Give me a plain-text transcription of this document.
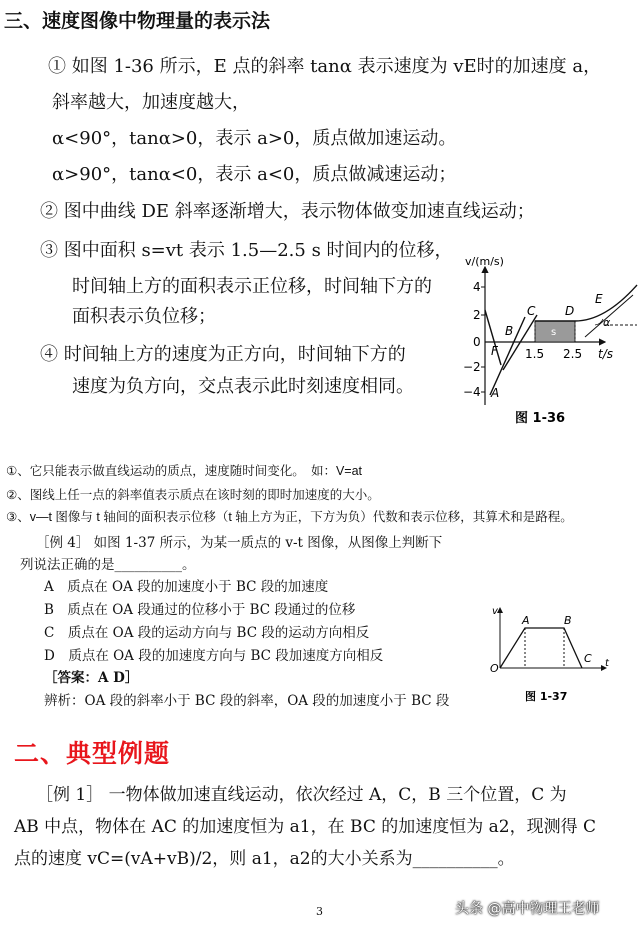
三、速度图像中物理量的表示法
① 如图 1-36 所示，E 点的斜率 tanα 表示速度为 vE时的加速度 a，
斜率越大，加速度越大，
α<90°，tanα>0，表示 a>0，质点做加速运动。
α>90°，tanα<0，表示 a<0，质点做减速运动；
② 图中曲线 DE 斜率逐渐增大，表示物体做变加速直线运动；
③ 图中面积 s=vt 表示 1.5—2.5 s 时间内的位移，
时间轴上方的面积表示正位移，时间轴下方的
面积表示负位移；
④ 时间轴上方的速度为正方向，时间轴下方的
速度为负方向，交点表示此时刻速度相同。
v/(m/s)
t/s
4
2
0
−2
−4
1.5 2.5
A
B
C D
E
F
α
s
图 1-36
①、它只能表示做直线运动的质点，速度随时间变化。　如：V=at
②、图线上任一点的斜率值表示质点在该时刻的即时加速度的大小。
③、v—t 图像与 t 轴间的面积表示位移（t 轴上方为正，下方为负）代数和表示位移，其算术和是路程。
［例 4］ 如图 1-37 所示，为某一质点的 v-t 图像，从图像上判断下
列说法正确的是__________。
A　质点在 OA 段的加速度小于 BC 段的加速度
B　质点在 OA 段通过的位移小于 BC 段通过的位移
C　质点在 OA 段的运动方向与 BC 段的运动方向相反
D　质点在 OA 段的加速度方向与 BC 段加速度方向相反
［答案：A D］
辨析：OA 段的斜率小于 BC 段的斜率，OA 段的加速度小于 BC 段
v
t
O
A	B
C
图 1-37
二、典型例题
［例 1］ 一物体做加速直线运动，依次经过 A，C，B 三个位置，C 为
AB 中点，物体在 AC 的加速度恒为 a1，在 BC 的加速度恒为 a2，现测得 C
点的速度 vC=(vA+vB)/2，则 a1，a2的大小关系为__________。
3	头条 @高中物理王老师
